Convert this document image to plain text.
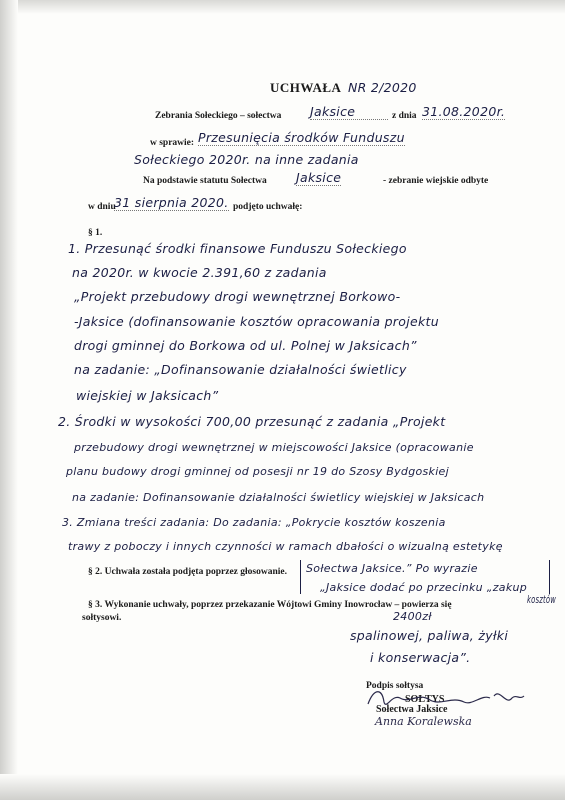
UCHWAŁA NR 2/2020
Zebrania Sołeckiego – sołectwa Jaksice	z dnia 31.08.2020r.
w sprawie: Przesunięcia środków Funduszu
Sołeckiego 2020r. na inne zadania
Na podstawie statutu Sołectwa Jaksice	- zebranie wiejskie odbyte
w dniu
31 sierpnia 2020. podjęto uchwałę:
§ 1.
1. Przesunąć środki finansowe Funduszu Sołeckiego
na 2020r. w kwocie 2.391,60 z zadania
„Projekt przebudowy drogi wewnętrznej Borkowo-
-Jaksice (dofinansowanie kosztów opracowania projektu
drogi gminnej do Borkowa od ul. Polnej w Jaksicach”
na zadanie: „Dofinansowanie działalności świetlicy
wiejskiej w Jaksicach”
2. Środki w wysokości 700,00 przesunąć z zadania „Projekt
przebudowy drogi wewnętrznej w miejscowości Jaksice (opracowanie
planu budowy drogi gminnej od posesji nr 19 do Szosy Bydgoskiej
na zadanie: Dofinansowanie działalności świetlicy wiejskiej w Jaksicach
3. Zmiana treści zadania: Do zadania: „Pokrycie kosztów koszenia
trawy z poboczy i innych czynności w ramach dbałości o wizualną estetykę
§ 2. Uchwała została podjęta poprzez głosowanie. Sołectwa Jaksice.” Po wyrazie
„Jaksice dodać po przecinku „zakup
§ 3. Wykonanie uchwały, poprzez przekazanie Wójtowi Gminy Inowrocław – powierza się	kosztów
sołtysowi.	2400zł
spalinowej, paliwa, żyłki
i konserwacja”.
Podpis sołtysa
SOŁTYS
Sołectwa Jaksice
Anna Koralewska
